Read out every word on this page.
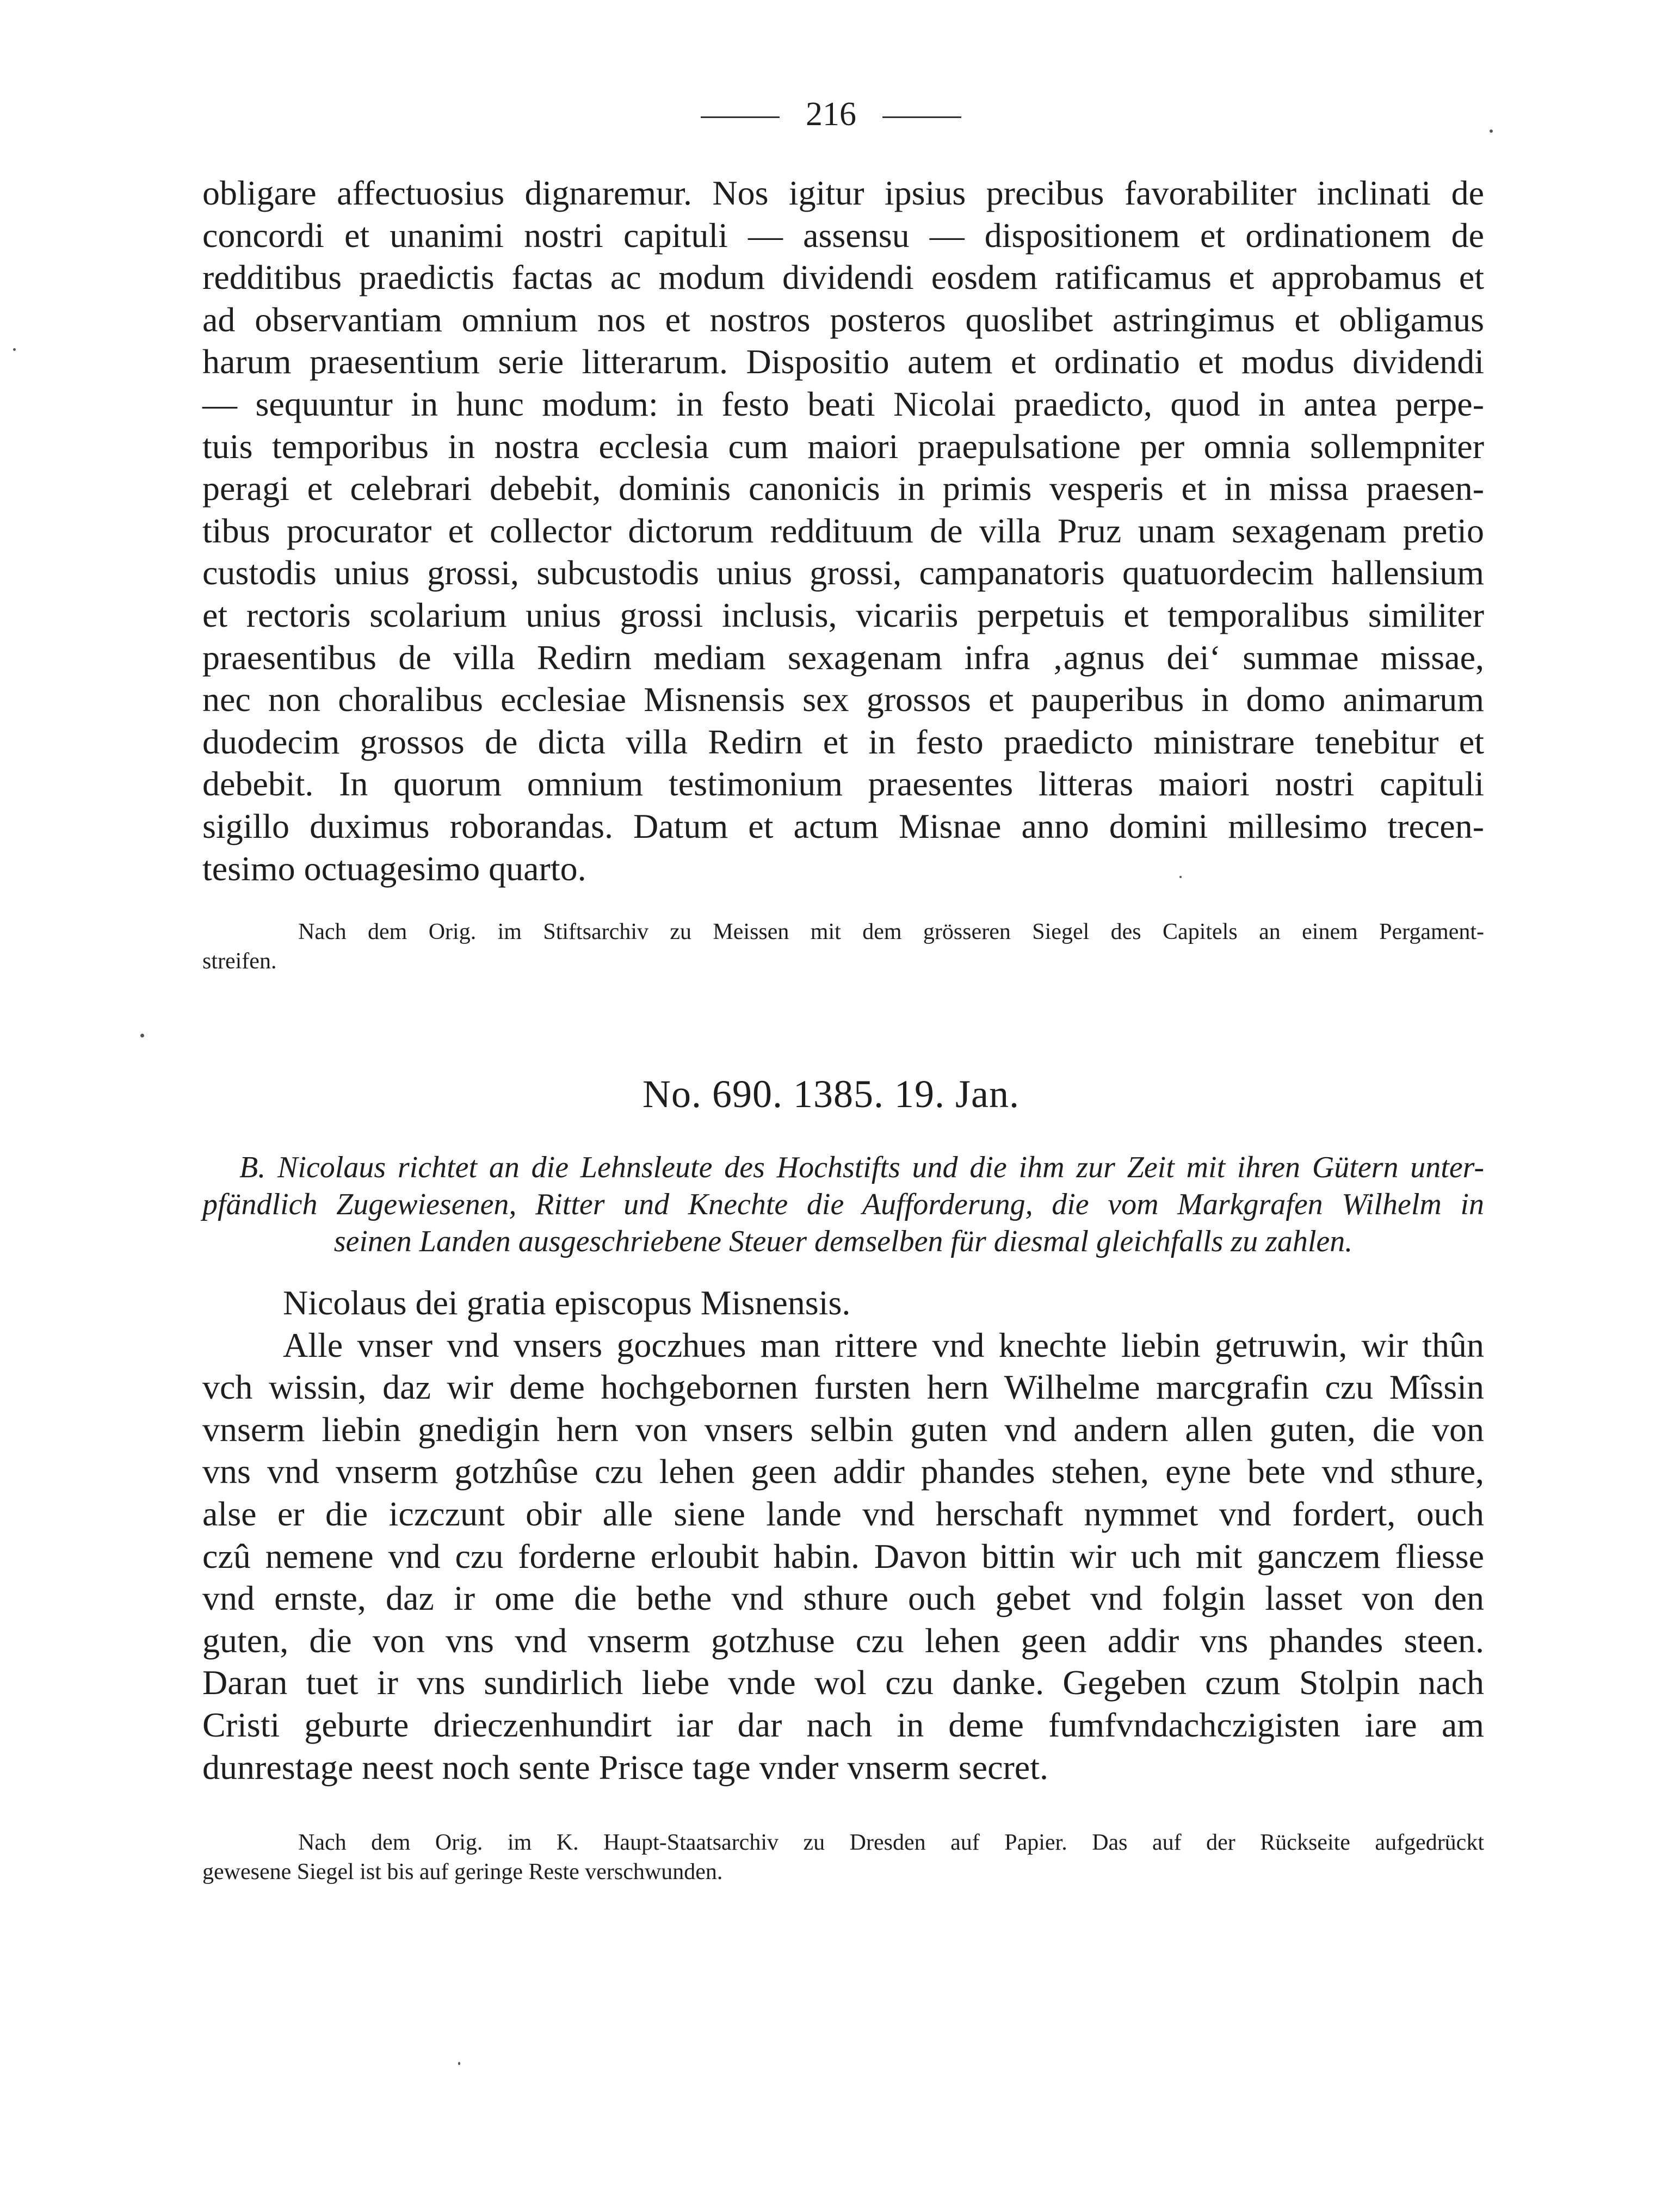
216

obligare affectuosius dignaremur. Nos igitur ipsius precibus favorabiliter inclinati de
concordi et unanimi nostri capituli — assensu — dispositionem et ordinationem de
redditibus praedictis factas ac modum dividendi eosdem ratificamus et approbamus et
ad observantiam omnium nos et nostros posteros quoslibet astringimus et obligamus
harum praesentium serie litterarum. Dispositio autem et ordinatio et modus dividendi
— sequuntur in hunc modum: in festo beati Nicolai praedicto, quod in antea perpe-
tuis temporibus in nostra ecclesia cum maiori praepulsatione per omnia sollempniter
peragi et celebrari debebit, dominis canonicis in primis vesperis et in missa praesen-
tibus procurator et collector dictorum reddituum de villa Pruz unam sexagenam pretio
custodis unius grossi, subcustodis unius grossi, campanatoris quatuordecim hallensium
et rectoris scolarium unius grossi inclusis, vicariis perpetuis et temporalibus similiter
praesentibus de villa Redirn mediam sexagenam infra ‚agnus dei‘ summae missae,
nec non choralibus ecclesiae Misnensis sex grossos et pauperibus in domo animarum
duodecim grossos de dicta villa Redirn et in festo praedicto ministrare tenebitur et
debebit. In quorum omnium testimonium praesentes litteras maiori nostri capituli
sigillo duximus roborandas. Datum et actum Misnae anno domini millesimo trecen-
tesimo octuagesimo quarto.

Nach dem Orig. im Stiftsarchiv zu Meissen mit dem grösseren Siegel des Capitels an einem Pergament-
streifen.

No. 690. 1385. 19. Jan.

B. Nicolaus richtet an die Lehnsleute des Hochstifts und die ihm zur Zeit mit ihren Gütern unter-
pfändlich Zugewiesenen, Ritter und Knechte die Aufforderung, die vom Markgrafen Wilhelm in
seinen Landen ausgeschriebene Steuer demselben für diesmal gleichfalls zu zahlen.

Nicolaus dei gratia episcopus Misnensis.
Alle vnser vnd vnsers goczhues man rittere vnd knechte liebin getruwin, wir thûn
vch wissin, daz wir deme hochgebornen fursten hern Wilhelme marcgrafin czu Mîssin
vnserm liebin gnedigin hern von vnsers selbin guten vnd andern allen guten, die von
vns vnd vnserm gotzhûse czu lehen geen addir phandes stehen, eyne bete vnd sthure,
alse er die iczczunt obir alle siene lande vnd herschaft nymmet vnd fordert, ouch
czû nemene vnd czu forderne erloubit habin. Davon bittin wir uch mit ganczem fliesse
vnd ernste, daz ir ome die bethe vnd sthure ouch gebet vnd folgin lasset von den
guten, die von vns vnd vnserm gotzhuse czu lehen geen addir vns phandes steen.
Daran tuet ir vns sundirlich liebe vnde wol czu danke. Gegeben czum Stolpin nach
Cristi geburte drieczenhundirt iar dar nach in deme fumfvndachczigisten iare am
dunrestage neest noch sente Prisce tage vnder vnserm secret.

Nach dem Orig. im K. Haupt-Staatsarchiv zu Dresden auf Papier. Das auf der Rückseite aufgedrückt
gewesene Siegel ist bis auf geringe Reste verschwunden.
